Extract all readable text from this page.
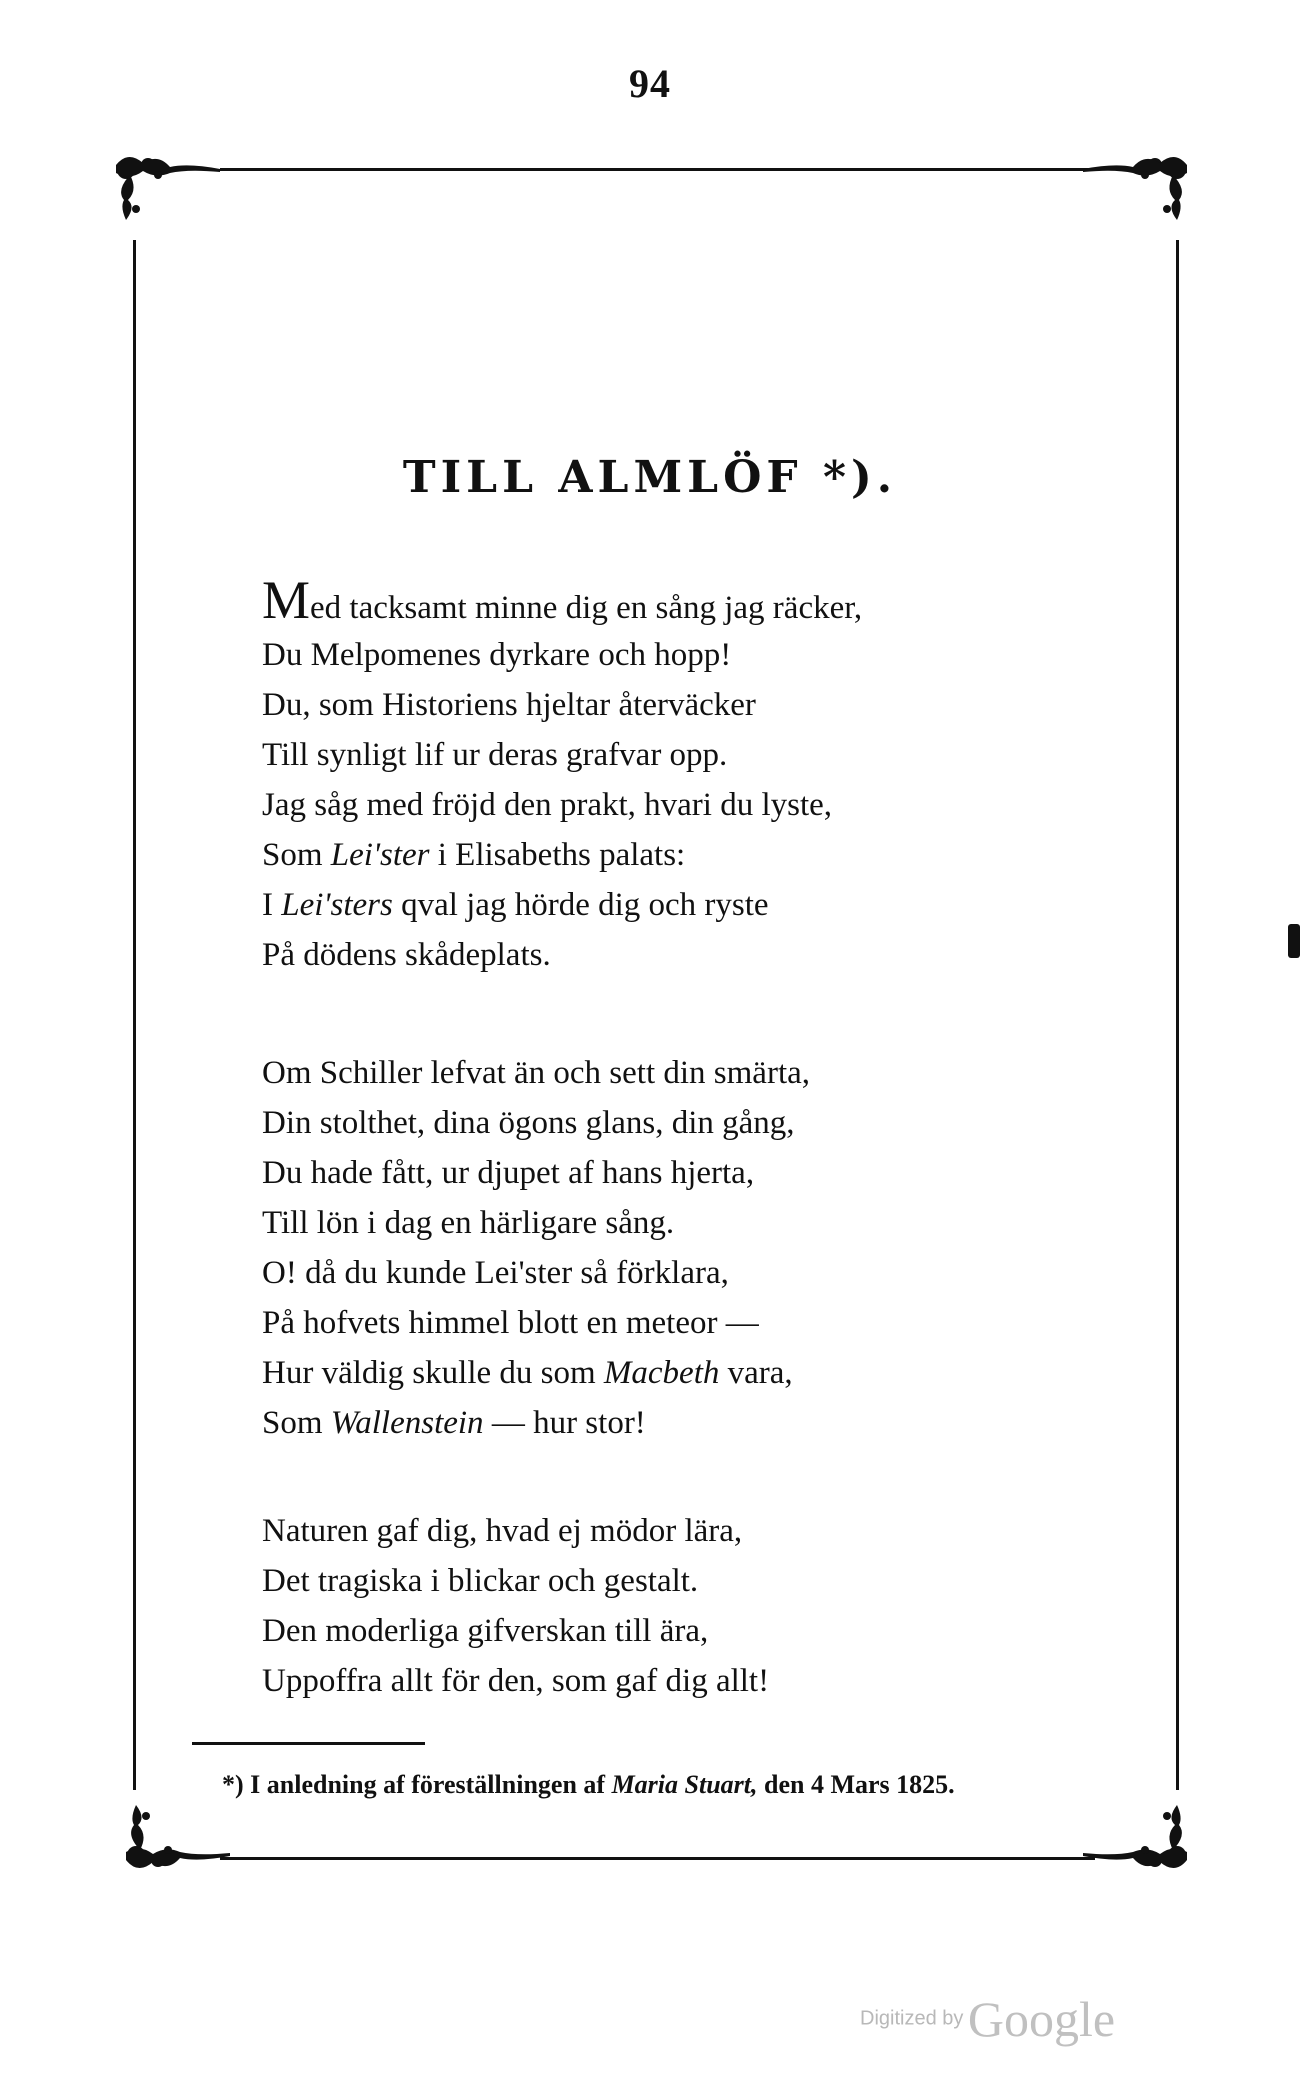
94
TILL ALMLÖF *).
Med tacksamt minne dig en sång jag räcker,
Du Melpomenes dyrkare och hopp!
Du, som Historiens hjeltar återväcker
Till synligt lif ur deras grafvar opp.
Jag såg med fröjd den prakt, hvari du lyste,
Som Lei'ster i Elisabeths palats:
I Lei'sters qval jag hörde dig och ryste
På dödens skådeplats.
Om Schiller lefvat än och sett din smärta,
Din stolthet, dina ögons glans, din gång,
Du hade fått, ur djupet af hans hjerta,
Till lön i dag en härligare sång.
O! då du kunde Lei'ster så förklara,
På hofvets himmel blott en meteor —
Hur väldig skulle du som Macbeth vara,
Som Wallenstein — hur stor!
Naturen gaf dig, hvad ej mödor lära,
Det tragiska i blickar och gestalt.
Den moderliga gifverskan till ära,
Uppoffra allt för den, som gaf dig allt!
*) I anledning af föreställningen af Maria Stuart, den 4 Mars 1825.
Digitized by Google
